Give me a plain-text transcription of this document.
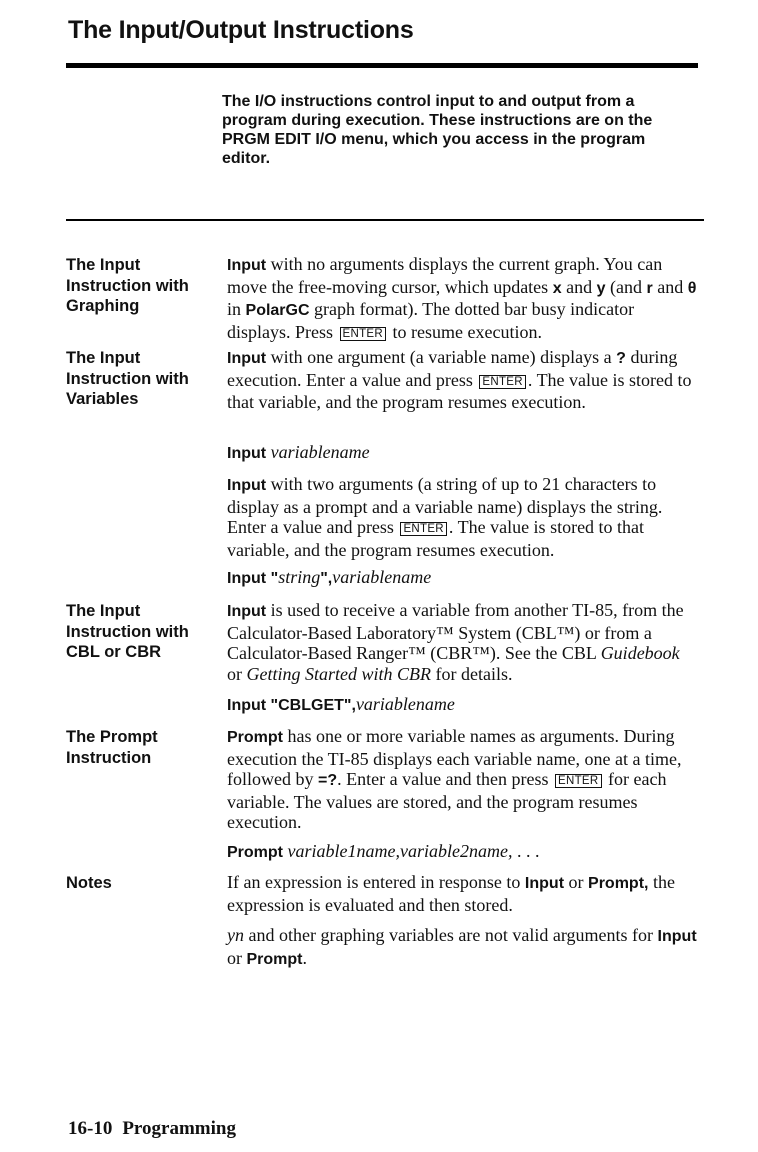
The Input/Output Instructions
The I/O instructions control input to and output from a program during execution. These instructions are on the PRGM EDIT I/O menu, which you access in the program editor.
The Input
Instruction with
Graphing
Input with no arguments displays the current graph. You can move the free-moving cursor, which updates x and y (and r and θ in PolarGC graph format). The dotted bar busy indicator displays. Press ENTER to resume execution.
The Input
Instruction with
Variables
Input with one argument (a variable name) displays a ? during execution. Enter a value and press ENTER . The value is stored to that variable, and the program resumes execution.
Input variablename
Input with two arguments (a string of up to 21 characters to display as a prompt and a variable name) displays the string. Enter a value and press ENTER . The value is stored to that variable, and the program resumes execution.
Input "string",variablename
The Input
Instruction with
CBL or CBR
Input is used to receive a variable from another TI-85, from the Calculator-Based Laboratory™ System (CBL™) or from a Calculator-Based Ranger™ (CBR™). See the CBL Guidebook or Getting Started with CBR for details.
Input "CBLGET",variablename
The Prompt
Instruction
Prompt has one or more variable names as arguments. During execution the TI-85 displays each variable name, one at a time, followed by =?. Enter a value and then press ENTER for each variable. The values are stored, and the program resumes execution.
Prompt variable1name,variable2name, . . .
Notes	If an expression is entered in response to Input or Prompt, the expression is evaluated and then stored.
yn and other graphing variables are not valid arguments for Input or Prompt.
16-10 Programming
